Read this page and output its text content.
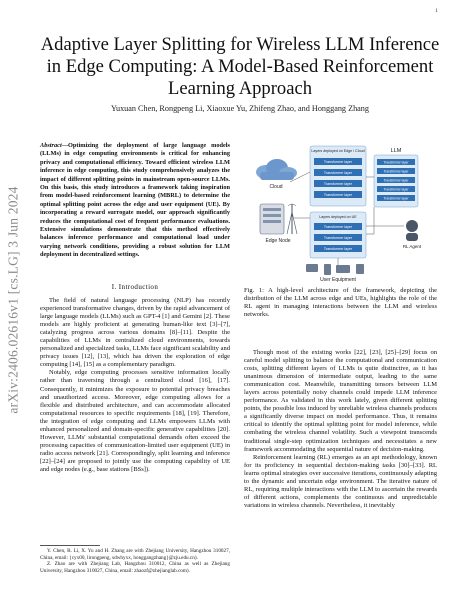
1
arXiv:2406.02616v1 [cs.LG] 3 Jun 2024
Adaptive Layer Splitting for Wireless LLM Inference in Edge Computing: A Model-Based Reinforcement Learning Approach
Yuxuan Chen, Rongpeng Li, Xiaoxue Yu, Zhifeng Zhao, and Honggang Zhang
Abstract—Optimizing the deployment of large language models (LLMs) in edge computing environments is critical for enhancing privacy and computational efficiency. Toward efficient wireless LLM inference in edge computing, this study comprehensively analyzes the impact of different splitting points in mainstream open-source LLMs. On this basis, this study introduces a framework taking inspiration from model-based reinforcement learning (MBRL) to determine the optimal splitting point across the edge and user equipment (UE). By incorporating a reward surrogate model, our approach significantly reduces the computational cost of frequent performance evaluations. Extensive simulations demonstrate that this method effectively balances inference performance and computational load under varying network conditions, providing a robust solution for LLM deployment in decentralized settings.
I. Introduction

The field of natural language processing (NLP) has recently experienced transformative changes, driven by the rapid advancement of large language models (LLMs) such as GPT-4 [1] and Gemini [2]. These models are highly proficient at generating human-like text [3]–[7], catalyzing progress across various domains [8]–[11]. Despite the capabilities of LLMs in centralized cloud environments, towards personalized and specialized tasks, LLMs face significant scalability and privacy issues [12], [13], which has driven the exploration of edge computing [14], [15] as a complementary paradigm.

Notably, edge computing processes sensitive information locally rather than traversing through a centralized cloud [16], [17]. Consequently, it minimizes the exposure to potential privacy breaches and unauthorized access. Moreover, edge computing allows for a flexible and distributed architecture, and can accommodate allocated computational resources to specific requirements [18], [19]. Therefore, the integration of edge computing and LLMs empowers LLMs with enhanced personalized and domain-specific generative capabilities [20]. However, LLMs' substantial computational demands often exceed the processing capacities of communication-limited user equipment (UE) in radio access network [21]. Correspondingly, split learning and inference [22]–[24] are proposed to jointly use the computing capability of UE and edge nodes (e.g., base stations [BSs]).

Y. Chen, R. Li, X. Yu and H. Zhang are with Zhejiang University, Hangzhou 310027, China, email: {cyx00, lirongpeng, sdwhyxx, honggangzhang}@zju.edu.cn).

Z. Zhao are with Zhejiang Lab, Hangzhou 310012, China as well as Zhejiang University, Hangzhou 310027, China, email: zhaozf@zhejianglab.com).

Cloud
Edge Node
Layers deployed on Edge / Cloud
Transformer layer
Transformer layer
Transformer layer
Transformer layer
Layers deployed on UE
Transformer layer
Transformer layer
Transformer layer
LLM
Transformer layer
Transformer layer
Transformer layer
Transformer layer
Transformer layer
RL Agent
User Equipment
Fig. 1: A high-level architecture of the framework, depicting the distribution of the LLM across edge and UEs, highlights the role of the RL agent in managing interactions between the LLM and wireless networks.

Though most of the existing works [22], [23], [25]–[29] focus on careful model splitting to balance the computational and communication costs, splitting different layers of LLMs is quite distinctive, as it has unanimous dimension of intermediate output, leading to the same communication cost. Meanwhile, transmitting tensors between LLM layers across potentially noisy channels could impede LLM inference performance. As validated in this work lately, given different splitting points, the possible loss induced by unreliable wireless channels produces a significantly diverse impact on model performance. Thus, it remains critical to identify the optimal splitting point for model inference, while combating the wireless channel volatility. Such a viewpoint transcends traditional single-step optimization techniques and necessitates a new framework accommodating the sequential nature of decision-making.

Reinforcement learning (RL) emerges as an apt methodology, known for its proficiency in sequential decision-making tasks [30]–[33]. RL learns optimal strategies over successive iterations, continuously adapting to the dynamic and uncertain edge environment. The iterative nature of RL, requiring multiple interactions with the LLM to ascertain the rewards of different actions, complements the continuous and unpredictable variations in wireless channels. Nevertheless, it inevitably
